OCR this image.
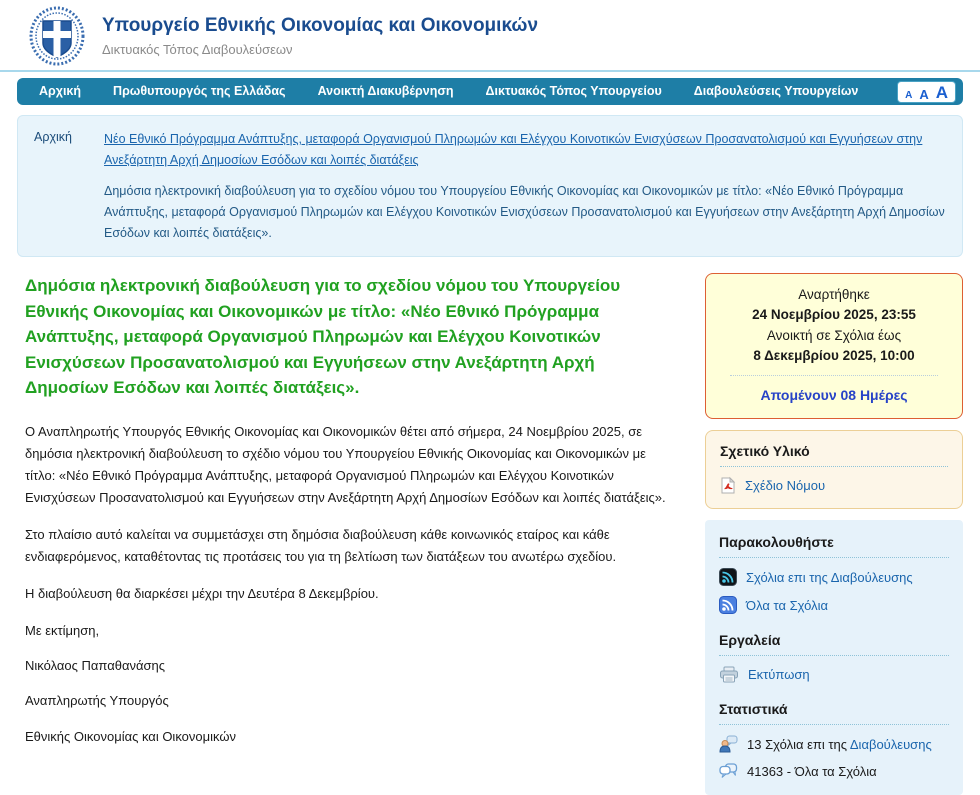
Υπουργείο Εθνικής Οικονομίας και Οικονομικών
Δικτυακός Τόπος Διαβουλεύσεων
Αρχική	Πρωθυπουργός της Ελλάδας	Ανοικτή Διακυβέρνηση	Δικτυακός Τόπος Υπουργείου	Διαβουλεύσεις Υπουργείων	A A A
Αρχική	Νέο Εθνικό Πρόγραμμα Ανάπτυξης, μεταφορά Οργανισμού Πληρωμών και Ελέγχου Κοινοτικών Ενισχύσεων Προσανατολισμού και Εγγυήσεων στην Ανεξάρτητη Αρχή Δημοσίων Εσόδων και λοιπές διατάξεις
Δημόσια ηλεκτρονική διαβούλευση για το σχεδίου νόμου του Υπουργείου Εθνικής Οικονομίας και Οικονομικών με τίτλο: «Νέο Εθνικό Πρόγραμμα Ανάπτυξης, μεταφορά Οργανισμού Πληρωμών και Ελέγχου Κοινοτικών Ενισχύσεων Προσανατολισμού και Εγγυήσεων στην Ανεξάρτητη Αρχή Δημοσίων Εσόδων και λοιπές διατάξεις».
Δημόσια ηλεκτρονική διαβούλευση για το σχεδίου νόμου του Υπουργείου Εθνικής Οικονομίας και Οικονομικών με τίτλο: «Νέο Εθνικό Πρόγραμμα Ανάπτυξης, μεταφορά Οργανισμού Πληρωμών και Ελέγχου Κοινοτικών Ενισχύσεων Προσανατολισμού και Εγγυήσεων στην Ανεξάρτητη Αρχή Δημοσίων Εσόδων και λοιπές διατάξεις».

Ο Αναπληρωτής Υπουργός Εθνικής Οικονομίας και Οικονομικών θέτει από σήμερα, 24 Νοεμβρίου 2025, σε δημόσια ηλεκτρονική διαβούλευση το σχέδιο νόμου του Υπουργείου Εθνικής Οικονομίας και Οικονομικών με τίτλο: «Νέο Εθνικό Πρόγραμμα Ανάπτυξης, μεταφορά Οργανισμού Πληρωμών και Ελέγχου Κοινοτικών Ενισχύσεων Προσανατολισμού και Εγγυήσεων στην Ανεξάρτητη Αρχή Δημοσίων Εσόδων και λοιπές διατάξεις».

Στο πλαίσιο αυτό καλείται να συμμετάσχει στη δημόσια διαβούλευση κάθε κοινωνικός εταίρος και κάθε ενδιαφερόμενος, καταθέτοντας τις προτάσεις του για τη βελτίωση των διατάξεων του ανωτέρω σχεδίου.

Η διαβούλευση θα διαρκέσει μέχρι την Δευτέρα 8 Δεκεμβρίου.

Με εκτίμηση,

Νικόλαος Παπαθανάσης

Αναπληρωτής Υπουργός

Εθνικής Οικονομίας και Οικονομικών

Αναρτήθηκε
24 Νοεμβρίου 2025, 23:55
Ανοικτή σε Σχόλια έως
8 Δεκεμβρίου 2025, 10:00
Απομένουν 08 Ημέρες
Σχετικό Υλικό
Σχέδιο Νόμου
Παρακολουθήστε
Σχόλια επι της Διαβούλευσης
Όλα τα Σχόλια
Εργαλεία
Εκτύπωση
Στατιστικά
13 Σχόλια επι της Διαβούλευσης
41363 - Όλα τα Σχόλια
